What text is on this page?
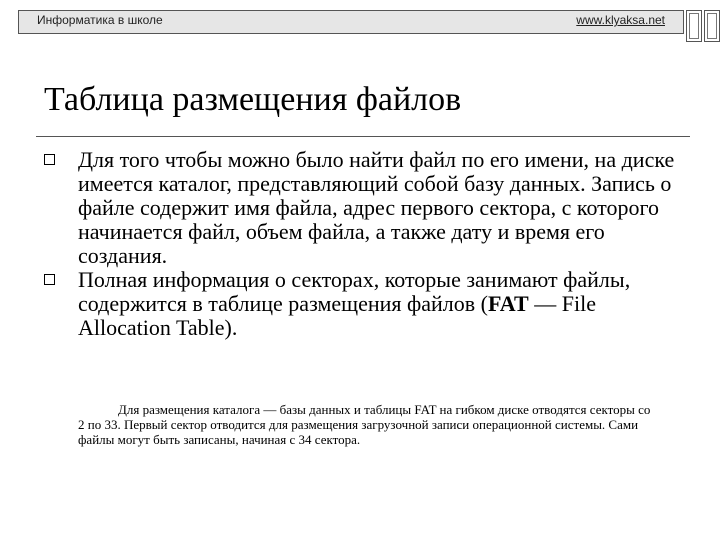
Информатика в школе	www.klyaksa.net
Таблица размещения файлов
Для того чтобы можно было найти файл по его имени, на диске имеется каталог, представляющий собой базу данных. Запись о файле содержит имя файла, адрес первого сектора, с которого начинается файл, объем файла, а также дату и время его создания.
Полная информация о секторах, которые занимают файлы, содержится в таблице размещения файлов (FAT — File Allocation Table).
Для размещения каталога — базы данных и таблицы FAT на гибком диске отводятся секторы со 2 по 33. Первый сектор отводится для размещения загрузочной записи операционной системы. Сами файлы могут быть записаны, начиная с 34 сектора.
